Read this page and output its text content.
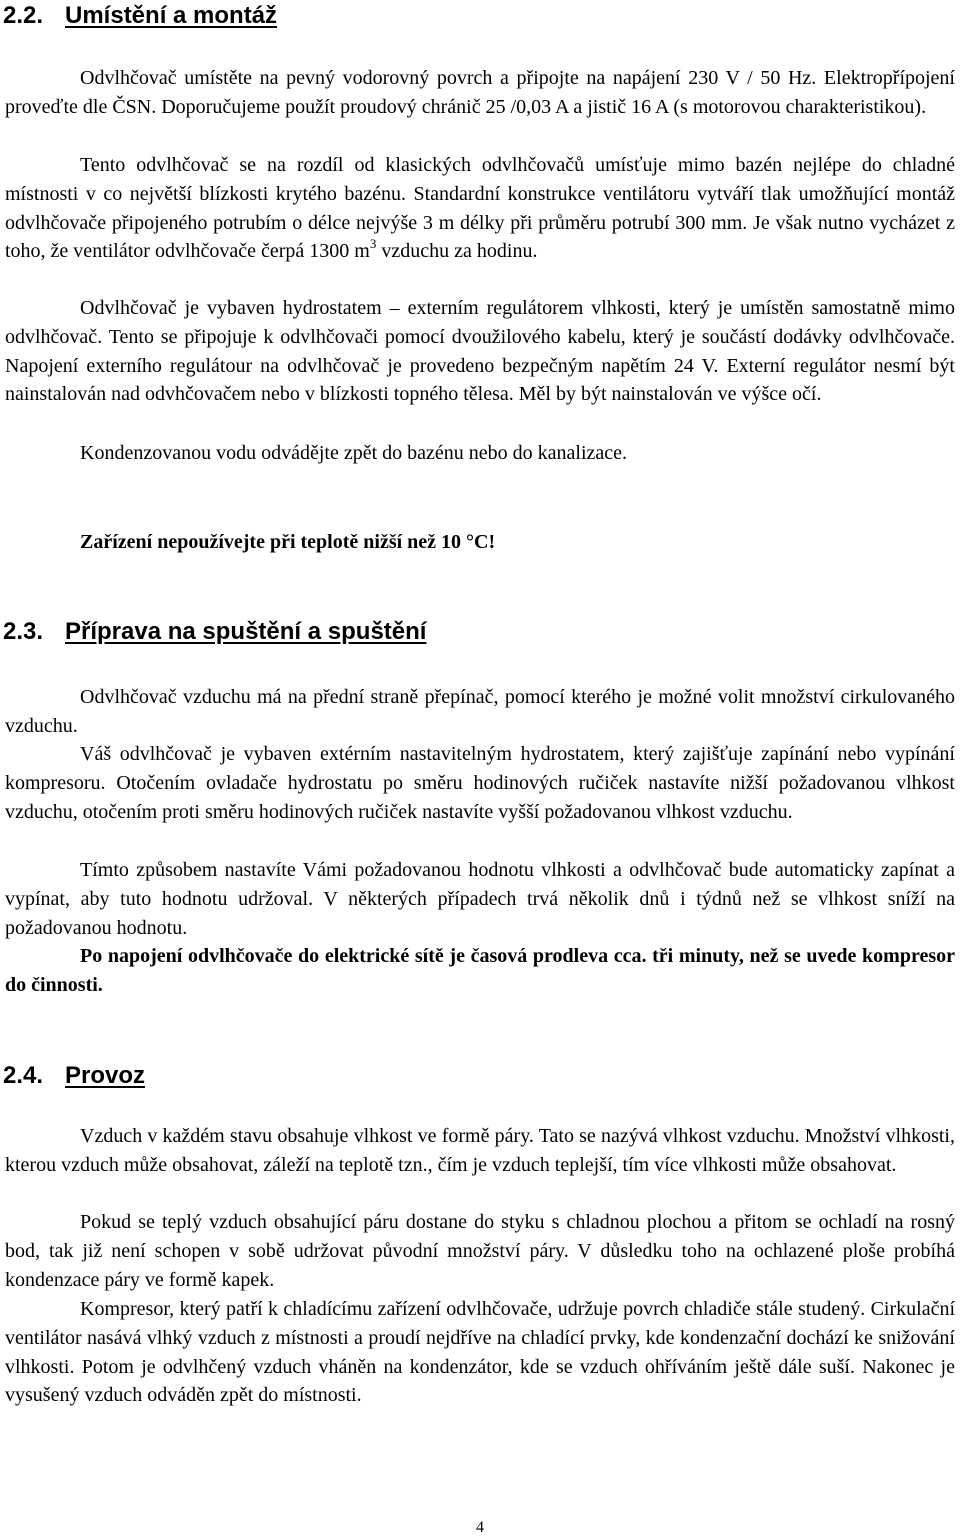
2.2. Umístění a montáž

Odvlhčovač umístěte na pevný vodorovný povrch a připojte na napájení 230 V / 50 Hz. Elektropřípojení proveďte dle ČSN. Doporučujeme použít proudový chránič 25 /0,03 A a jistič 16 A (s motorovou charakteristikou).

Tento odvlhčovač se na rozdíl od klasických odvlhčovačů umísťuje mimo bazén nejlépe do chladné místnosti v co největší blízkosti krytého bazénu. Standardní konstrukce ventilátoru vytváří tlak umožňující montáž odvlhčovače připojeného potrubím o délce nejvýše 3 m délky při průměru potrubí 300 mm. Je však nutno vycházet z toho, že ventilátor odvlhčovače čerpá 1300 $m^3$ vzduchu za hodinu.

Odvlhčovač je vybaven hydrostatem – externím regulátorem vlhkosti, který je umístěn samostatně mimo odvlhčovač. Tento se připojuje k odvlhčovači pomocí dvoužilového kabelu, který je součástí dodávky odvlhčovače. Napojení externího regulátour na odvlhčovač je provedeno bezpečným napětím 24 V. Externí regulátor nesmí být nainstalován nad odvhčovačem nebo v blízkosti topného tělesa. Měl by být nainstalován ve výšce očí.

Kondenzovanou vodu odvádějte zpět do bazénu nebo do kanalizace.

Zařízení nepoužívejte při teplotě nižší než 10 °C!
2.3. Příprava na spuštění a spuštění

Odvlhčovač vzduchu má na přední straně přepínač, pomocí kterého je možné volit množství cirkulovaného vzduchu.

Váš odvlhčovač je vybaven extérním nastavitelným hydrostatem, který zajišťuje zapínání nebo vypínání kompresoru. Otočením ovladače hydrostatu po směru hodinových ručiček nastavíte nižší požadovanou vlhkost vzduchu, otočením proti směru hodinových ručiček nastavíte vyšší požadovanou vlhkost vzduchu.

Tímto způsobem nastavíte Vámi požadovanou hodnotu vlhkosti a odvlhčovač bude automaticky zapínat a vypínat, aby tuto hodnotu udržoval. V některých případech trvá několik dnů i týdnů než se vlhkost sníží na požadovanou hodnotu.

Po napojení odvlhčovače do elektrické sítě je časová prodleva cca. tři minuty, než se uvede kompresor do činnosti.

2.4. Provoz

Vzduch v každém stavu obsahuje vlhkost ve formě páry. Tato se nazývá vlhkost vzduchu. Množství vlhkosti, kterou vzduch může obsahovat, záleží na teplotě tzn., čím je vzduch teplejší, tím více vlhkosti může obsahovat.

Pokud se teplý vzduch obsahující páru dostane do styku s chladnou plochou a přitom se ochladí na rosný bod, tak již není schopen v sobě udržovat původní množství páry. V důsledku toho na ochlazené ploše probíhá kondenzace páry ve formě kapek.

Kompresor, který patří k chladícímu zařízení odvlhčovače, udržuje povrch chladiče stále studený. Cirkulační ventilátor nasává vlhký vzduch z místnosti a proudí nejdříve na chladící prvky, kde kondenzační dochází ke snižování vlhkosti. Potom je odvlhčený vzduch vháněn na kondenzátor, kde se vzduch ohříváním ještě dále suší. Nakonec je vysušený vzduch odváděn zpět do místnosti.

4
